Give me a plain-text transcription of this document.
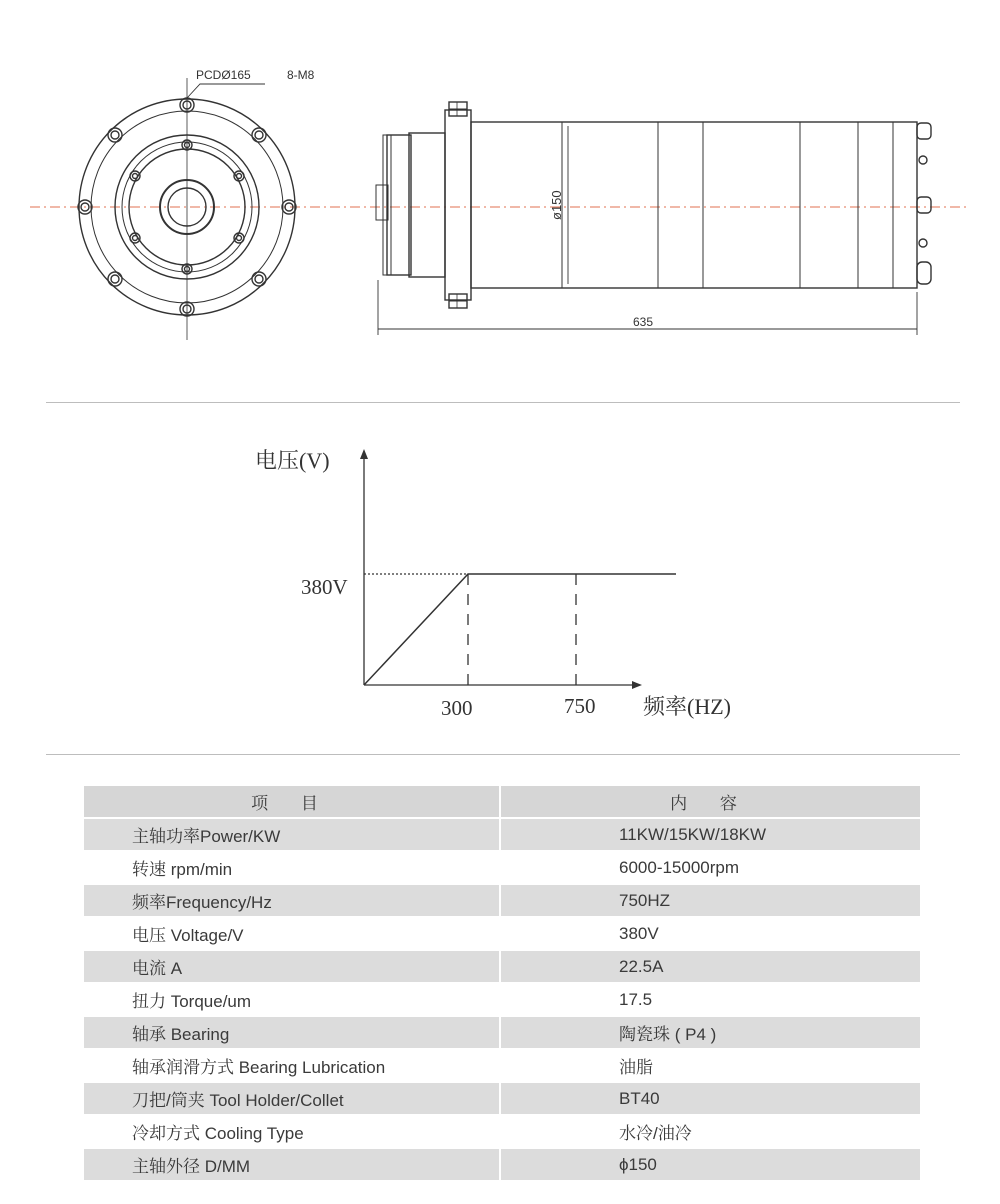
PCDØ165	8-M8
ø150
635
电压(V)
频率(HZ)
380V
300	750
项 目	内 容
主轴功率Power/KW	11KW/15KW/18KW
转速 rpm/min	6000-15000rpm
频率Frequency/Hz	750HZ
电压 Voltage/V	380V
电流 A	22.5A
扭力 Torque/um	17.5
轴承 Bearing	陶瓷珠 ( P4 )
轴承润滑方式 Bearing Lubrication	油脂
刀把/筒夹 Tool Holder/Collet	BT40
冷却方式 Cooling Type	水冷/油冷
主轴外径 D/MM	ϕ150
